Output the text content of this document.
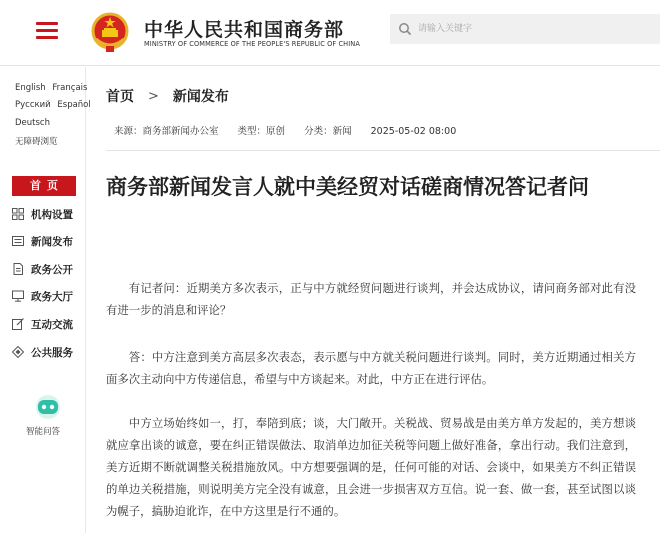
中华人民共和国商务部
MINISTRY OF COMMERCE OF THE PEOPLE'S REPUBLIC OF CHINA
请输入关键字
English Français
Русский Español
Deutsch
无障碍浏览
首页
机构设置
新闻发布
政务公开
政务大厅
互动交流
公共服务
智能问答
首页 > 新闻发布
来源：商务部新闻办公室 类型：原创 分类：新闻 2025-05-02 08:00
商务部新闻发言人就中美经贸对话磋商情况答记者问

有记者问：近期美方多次表示，正与中方就经贸问题进行谈判，并会达成协议，请问商务部对此有没有进一步的消息和评论？

答：中方注意到美方高层多次表态，表示愿与中方就关税问题进行谈判。同时，美方近期通过相关方面多次主动向中方传递信息，希望与中方谈起来。对此，中方正在进行评估。

中方立场始终如一，打，奉陪到底；谈，大门敞开。关税战、贸易战是由美方单方发起的，美方想谈就应拿出谈的诚意，要在纠正错误做法、取消单边加征关税等问题上做好准备，拿出行动。我们注意到，美方近期不断就调整关税措施放风。中方想要强调的是，任何可能的对话、会谈中，如果美方不纠正错误的单边关税措施，则说明美方完全没有诚意，且会进一步损害双方互信。说一套、做一套，甚至试图以谈为幌子，搞胁迫讹诈，在中方这里是行不通的。
